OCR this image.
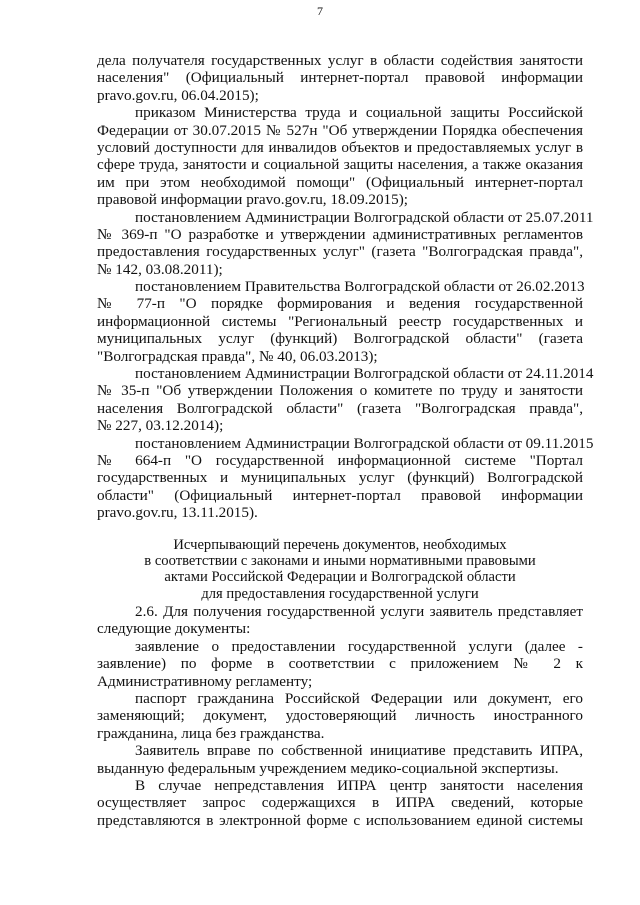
7
дела получателя государственных услуг в области содействия занятости
населения" (Официальный интернет-портал правовой информации
pravo.gov.ru, 06.04.2015);
приказом Министерства труда и социальной защиты Российской
Федерации от 30.07.2015 № 527н "Об утверждении Порядка обеспечения
условий доступности для инвалидов объектов и предоставляемых услуг в
сфере труда, занятости и социальной защиты населения, а также оказания
им при этом необходимой помощи" (Официальный интернет-портал
правовой информации pravo.gov.ru, 18.09.2015);
постановлением Администрации Волгоградской области от 25.07.2011
№ 369-п "О разработке и утверждении административных регламентов
предоставления государственных услуг" (газета "Волгоградская правда",
№ 142, 03.08.2011);
постановлением Правительства Волгоградской области от 26.02.2013
№ 77-п "О порядке формирования и ведения государственной
информационной системы "Региональный реестр государственных и
муниципальных услуг (функций) Волгоградской области" (газета
"Волгоградская правда", № 40, 06.03.2013);
постановлением Администрации Волгоградской области от 24.11.2014
№ 35-п "Об утверждении Положения о комитете по труду и занятости
населения Волгоградской области" (газета "Волгоградская правда",
№ 227, 03.12.2014);
постановлением Администрации Волгоградской области от 09.11.2015
№ 664-п "О государственной информационной системе "Портал
государственных и муниципальных услуг (функций) Волгоградской
области" (Официальный интернет-портал правовой информации
pravo.gov.ru, 13.11.2015).
Исчерпывающий перечень документов, необходимых
в соответствии с законами и иными нормативными правовыми
актами Российской Федерации и Волгоградской области
для предоставления государственной услуги
2.6. Для получения государственной услуги заявитель представляет
следующие документы:
заявление о предоставлении государственной услуги (далее -
заявление) по форме в соответствии с приложением № 2 к
Административному регламенту;
паспорт гражданина Российской Федерации или документ, его
заменяющий; документ, удостоверяющий личность иностранного
гражданина, лица без гражданства.
Заявитель вправе по собственной инициативе представить ИПРА,
выданную федеральным учреждением медико-социальной экспертизы.
В случае непредставления ИПРА центр занятости населения
осуществляет запрос содержащихся в ИПРА сведений, которые
представляются в электронной форме с использованием единой системы
